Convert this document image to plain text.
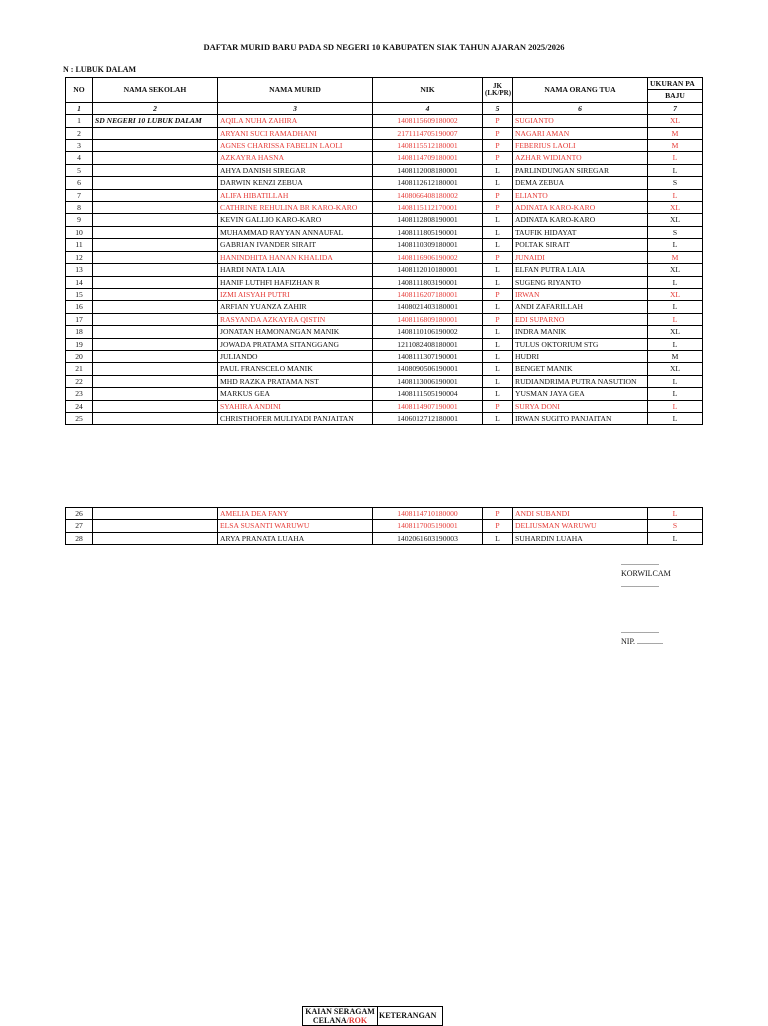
DAFTAR MURID BARU PADA SD NEGERI 10 KABUPATEN SIAK TAHUN AJARAN 2025/2026
N : LUBUK DALAM
NO	NAMA SEKOLAH	NAMA MURID	NIK	JK (LK/PR)	NAMA ORANG TUA	UKURAN PA
						BAJU
1	2	3	4	5	6	7
1	SD NEGERI 10 LUBUK DALAM	AQILA NUHA ZAHIRA	1408115609180002	P	SUGIANTO	XL
2		ARYANI SUCI RAMADHANI	2171114705190007	P	NAGARI AMAN	M
3		AGNES CHARISSA FABELIN LAOLI	1408115512180001	P	FEBERIUS LAOLI	M
4		AZKAYRA HASNA	1408114709180001	P	AZHAR WIDIANTO	L
5		AHYA DANISH SIREGAR	1408112008180001	L	PARLINDUNGAN SIREGAR	L
6		DARWIN KENZI ZEBUA	1408112612180001	L	DEMA ZEBUA	S
7		ALIFA HIBATILLAH	1408066408180002	P	ELIANTO	L
8		CATHRINE REHULINA BR KARO-KARO	1408115112170001	P	ADINATA KARO-KARO	XL
9		KEVIN GALLIO KARO-KARO	1408112808190001	L	ADINATA KARO-KARO	XL
10		MUHAMMAD RAYYAN ANNAUFAL	1408111805190001	L	TAUFIK HIDAYAT	S
11		GABRIAN IVANDER SIRAIT	1408110309180001	L	POLTAK SIRAIT	L
12		HANINDHITA HANAN KHALIDA	1408116906190002	P	JUNAIDI	M
13		HARDI NATA LAIA	1408112010180001	L	ELFAN PUTRA LAIA	XL
14		HANIF LUTHFI HAFIZHAN R	1408111803190001	L	SUGENG RIYANTO	L
15		IZMI AISYAH PUTRI	1408116207180001	P	IRWAN	XL
16		ARFIAN YUANZA ZAHIR	1408021403180001	L	ANDI ZAFARILLAH	L
17		RASYANDA AZKAYRA QISTIN	1408116809180001	P	EDI SUPARNO	L
18		JONATAN HAMONANGAN MANIK	1408110106190002	L	INDRA MANIK	XL
19		JOWADA PRATAMA SITANGGANG	1211082408180001	L	TULUS OKTORIUM STG	L
20		JULIANDO	1408111307190001	L	HUDRI	M
21		PAUL FRANSCELO MANIK	1408090506190001	L	BENGET MANIK	XL
22		MHD RAZKA PRATAMA NST	1408113006190001	L	RUDIANDRIMA PUTRA NASUTION	L
23		MARKUS GEA	1408111505190004	L	YUSMAN JAYA GEA	L
24		SYAHIRA ANDINI	1408114907190001	P	SURYA DONI	L
25		CHRISTHOFER MULIYADI PANJAITAN	1406012712180001	L	IRWAN SUGITO PANJAITAN	L
26		AMELIA DEA FANY	1408114710180000	P	ANDI SUBANDI	L
27		ELSA SUSANTI WARUWU	1408117005190001	P	DELIUSMAN WARUWU	S
28		ARYA PRANATA LUAHA	1402061603190003	L	SUHARDIN LUAHA	L
...................
KORWILCAM
...................
...................
NIP. .............
KAIAN SERAGAM
CELANA/ROK	KETERANGAN
